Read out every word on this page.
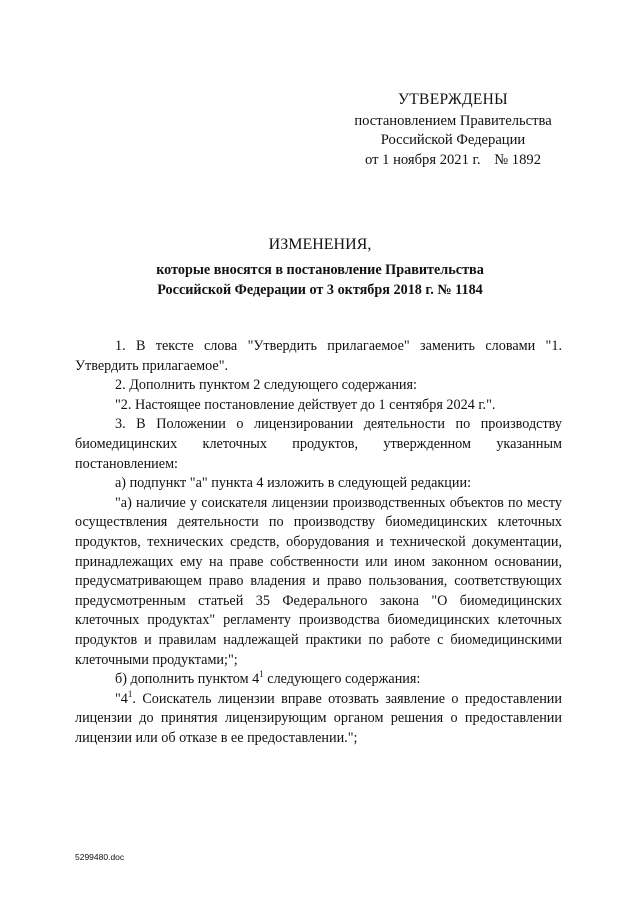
УТВЕРЖДЕНЫ
постановлением Правительства
Российской Федерации
от 1 ноября 2021 г. № 1892
ИЗМЕНЕНИЯ,
которые вносятся в постановление Правительства
Российской Федерации от 3 октября 2018 г. № 1184

1. В тексте слова "Утвердить прилагаемое" заменить словами "1. Утвердить прилагаемое".

2. Дополнить пунктом 2 следующего содержания:

"2. Настоящее постановление действует до 1 сентября 2024 г.".

3. В Положении о лицензировании деятельности по производству биомедицинских клеточных продуктов, утвержденном указанным постановлением:

а) подпункт "а" пункта 4 изложить в следующей редакции:

"а) наличие у соискателя лицензии производственных объектов по месту осуществления деятельности по производству биомедицинских клеточных продуктов, технических средств, оборудования и технической документации, принадлежащих ему на праве собственности или ином законном основании, предусматривающем право владения и право пользования, соответствующих предусмотренным статьей 35 Федерального закона "О биомедицинских клеточных продуктах" регламенту производства биомедицинских клеточных продуктов и правилам надлежащей практики по работе с биомедицинскими клеточными продуктами;";

б) дополнить пунктом $4^1$ следующего содержания:

"$4^1$. Соискатель лицензии вправе отозвать заявление о предоставлении лицензии до принятия лицензирующим органом решения о предоставлении лицензии или об отказе в ее предоставлении.";

5299480.doc
